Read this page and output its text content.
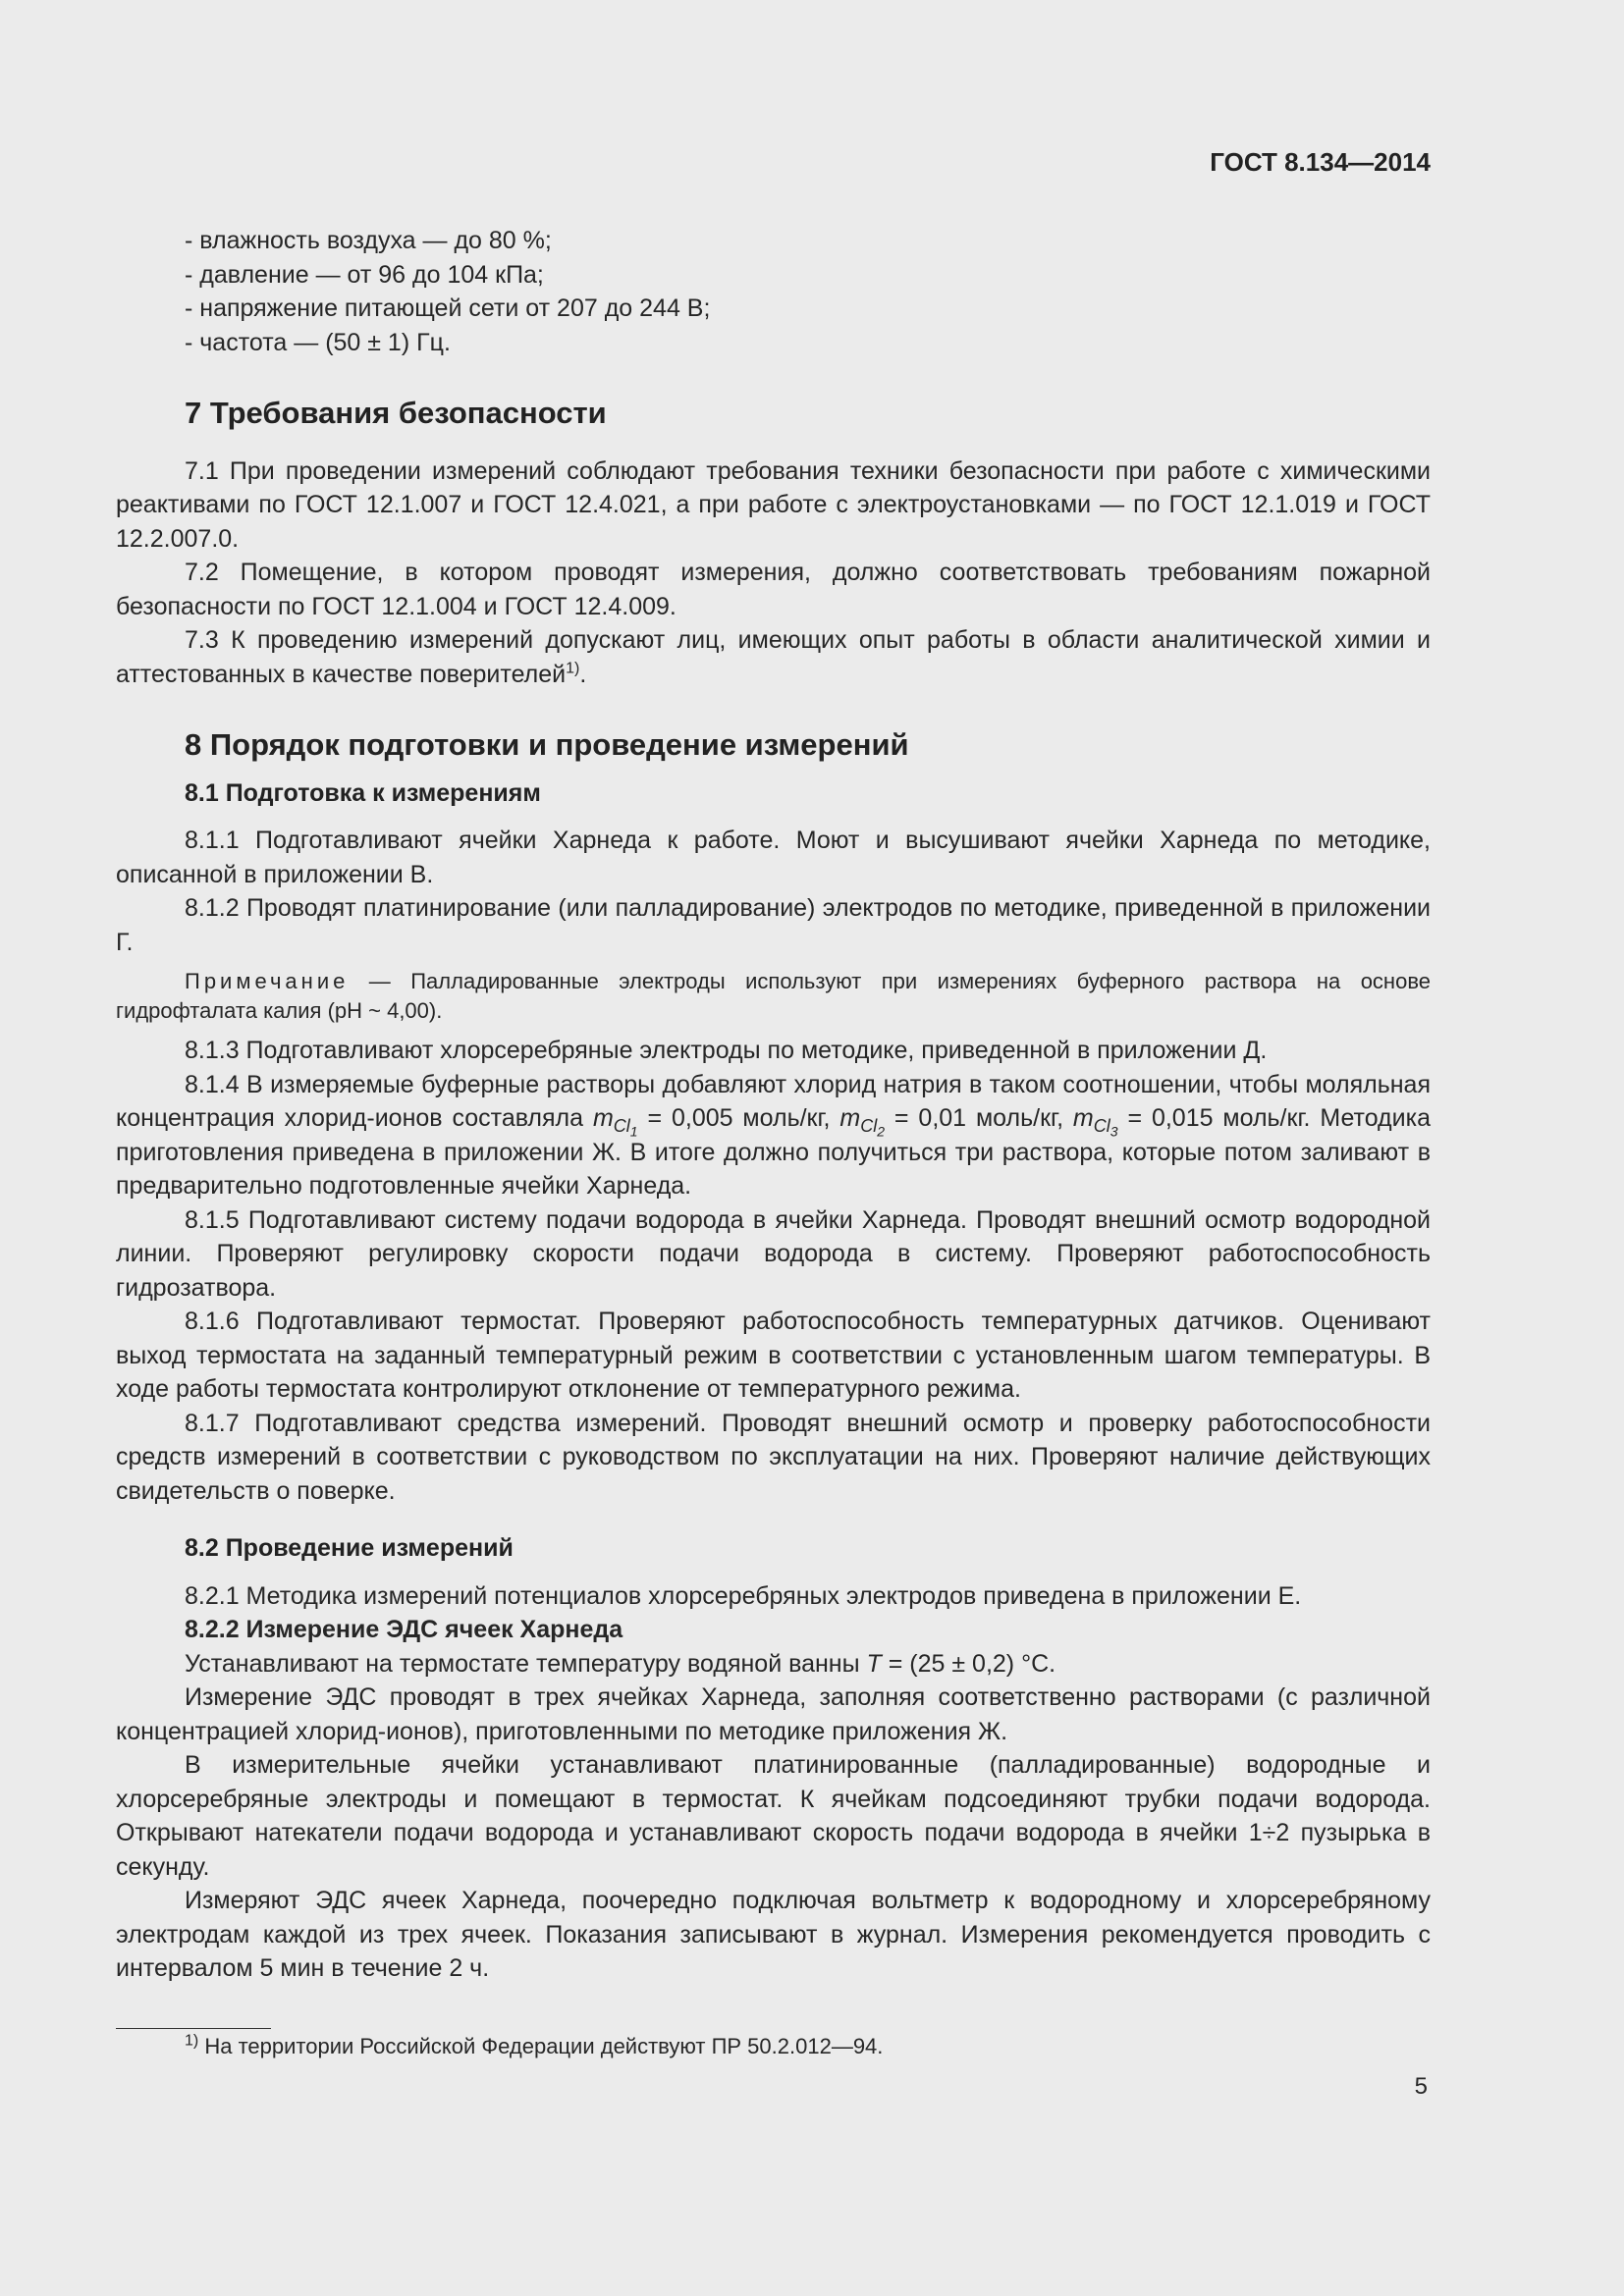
ГОСТ 8.134—2014
- влажность воздуха — до 80 %;
- давление — от 96 до 104 кПа;
- напряжение питающей сети от 207 до 244 В;
- частота — (50 ± 1) Гц.
7 Требования безопасности

7.1 При проведении измерений соблюдают требования техники безопасности при работе с химическими реактивами по ГОСТ 12.1.007 и ГОСТ 12.4.021, а при работе с электроустановками — по ГОСТ 12.1.019 и ГОСТ 12.2.007.0.

7.2 Помещение, в котором проводят измерения, должно соответствовать требованиям пожарной безопасности по ГОСТ 12.1.004 и ГОСТ 12.4.009.

7.3 К проведению измерений допускают лиц, имеющих опыт работы в области аналитической химии и аттестованных в качестве поверителей$^{1)}$.

8 Порядок подготовки и проведение измерений
8.1 Подготовка к измерениям

8.1.1 Подготавливают ячейки Харнеда к работе. Моют и высушивают ячейки Харнеда по методике, описанной в приложении В.

8.1.2 Проводят платинирование (или палладирование) электродов по методике, приведенной в приложении Г.

Примечание — Палладированные электроды используют при измерениях буферного раствора на основе гидрофталата калия (pH ~ 4,00).

8.1.3 Подготавливают хлорсеребряные электроды по методике, приведенной в приложении Д.

8.1.4 В измеряемые буферные растворы добавляют хлорид натрия в таком соотношении, чтобы моляльная концентрация хлорид-ионов составляла $m_{Cl_1} = 0,005$ моль/кг, $m_{Cl_2} = 0,01$ моль/кг, $m_{Cl_3} = 0,015$ моль/кг. Методика приготовления приведена в приложении Ж. В итоге должно получиться три раствора, которые потом заливают в предварительно подготовленные ячейки Харнеда.

8.1.5 Подготавливают систему подачи водорода в ячейки Харнеда. Проводят внешний осмотр водородной линии. Проверяют регулировку скорости подачи водорода в систему. Проверяют работоспособность гидрозатвора.

8.1.6 Подготавливают термостат. Проверяют работоспособность температурных датчиков. Оценивают выход термостата на заданный температурный режим в соответствии с установленным шагом температуры. В ходе работы термостата контролируют отклонение от температурного режима.

8.1.7 Подготавливают средства измерений. Проводят внешний осмотр и проверку работоспособности средств измерений в соответствии с руководством по эксплуатации на них. Проверяют наличие действующих свидетельств о поверке.

8.2 Проведение измерений

8.2.1 Методика измерений потенциалов хлорсеребряных электродов приведена в приложении Е.

8.2.2 Измерение ЭДС ячеек Харнеда

Устанавливают на термостате температуру водяной ванны T = (25 ± 0,2) °С.

Измерение ЭДС проводят в трех ячейках Харнеда, заполняя соответственно растворами (с различной концентрацией хлорид-ионов), приготовленными по методике приложения Ж.

В измерительные ячейки устанавливают платинированные (палладированные) водородные и хлорсеребряные электроды и помещают в термостат. К ячейкам подсоединяют трубки подачи водорода. Открывают натекатели подачи водорода и устанавливают скорость подачи водорода в ячейки 1÷2 пузырька в секунду.

Измеряют ЭДС ячеек Харнеда, поочередно подключая вольтметр к водородному и хлорсеребряному электродам каждой из трех ячеек. Показания записывают в журнал. Измерения рекомендуется проводить с интервалом 5 мин в течение 2 ч.

$^{1)}$ На территории Российской Федерации действуют ПР 50.2.012—94.
5
